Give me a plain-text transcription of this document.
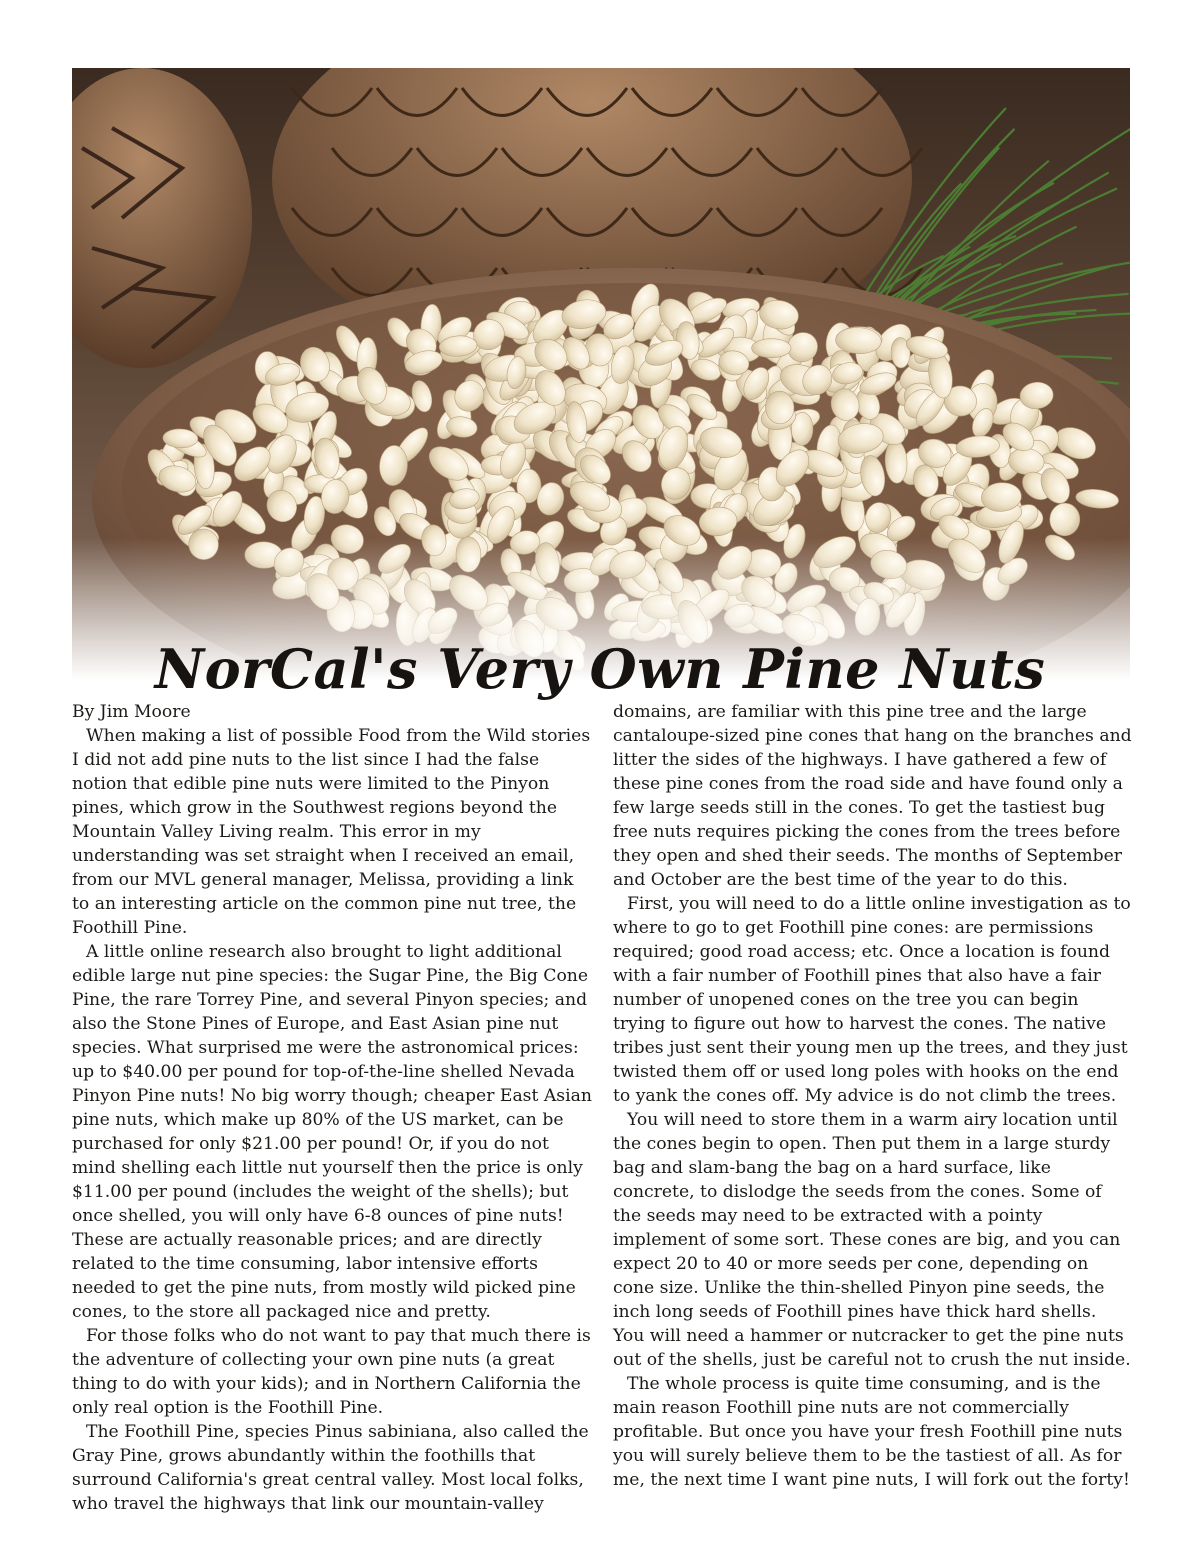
NorCal's Very Own Pine Nuts

By Jim Moore

When making a list of possible Food from the Wild stories I did not add pine nuts to the list since I had the false notion that edible pine nuts were limited to the Pinyon pines, which grow in the Southwest regions beyond the Mountain Valley Living realm. This error in my understanding was set straight when I received an email, from our MVL general manager, Melissa, providing a link to an interesting article on the common pine nut tree, the Foothill Pine.

A little online research also brought to light additional edible large nut pine species: the Sugar Pine, the Big Cone Pine, the rare Torrey Pine, and several Pinyon species; and also the Stone Pines of Europe, and East Asian pine nut species. What surprised me were the astronomical prices: up to $40.00 per pound for top-of-the-line shelled Nevada Pinyon Pine nuts! No big worry though; cheaper East Asian pine nuts, which make up 80% of the US market, can be purchased for only $21.00 per pound! Or, if you do not mind shelling each little nut yourself then the price is only $11.00 per pound (includes the weight of the shells); but once shelled, you will only have 6-8 ounces of pine nuts! These are actually reasonable prices; and are directly related to the time consuming, labor intensive efforts needed to get the pine nuts, from mostly wild picked pine cones, to the store all packaged nice and pretty.

For those folks who do not want to pay that much there is the adventure of collecting your own pine nuts (a great thing to do with your kids); and in Northern California the only real option is the Foothill Pine.

The Foothill Pine, species Pinus sabiniana, also called the Gray Pine, grows abundantly within the foothills that surround California's great central valley. Most local folks, who travel the highways that link our mountain-valley

domains, are familiar with this pine tree and the large cantaloupe-sized pine cones that hang on the branches and litter the sides of the highways. I have gathered a few of these pine cones from the road side and have found only a few large seeds still in the cones. To get the tastiest bug free nuts requires picking the cones from the trees before they open and shed their seeds. The months of September and October are the best time of the year to do this.

First, you will need to do a little online investigation as to where to go to get Foothill pine cones: are permissions required; good road access; etc. Once a location is found with a fair number of Foothill pines that also have a fair number of unopened cones on the tree you can begin trying to figure out how to harvest the cones. The native tribes just sent their young men up the trees, and they just twisted them off or used long poles with hooks on the end to yank the cones off. My advice is do not climb the trees.

You will need to store them in a warm airy location until the cones begin to open. Then put them in a large sturdy bag and slam-bang the bag on a hard surface, like concrete, to dislodge the seeds from the cones. Some of the seeds may need to be extracted with a pointy implement of some sort. These cones are big, and you can expect 20 to 40 or more seeds per cone, depending on cone size. Unlike the thin-shelled Pinyon pine seeds, the inch long seeds of Foothill pines have thick hard shells. You will need a hammer or nutcracker to get the pine nuts out of the shells, just be careful not to crush the nut inside.

The whole process is quite time consuming, and is the main reason Foothill pine nuts are not commercially profitable. But once you have your fresh Foothill pine nuts you will surely believe them to be the tastiest of all. As for me, the next time I want pine nuts, I will fork out the forty!
